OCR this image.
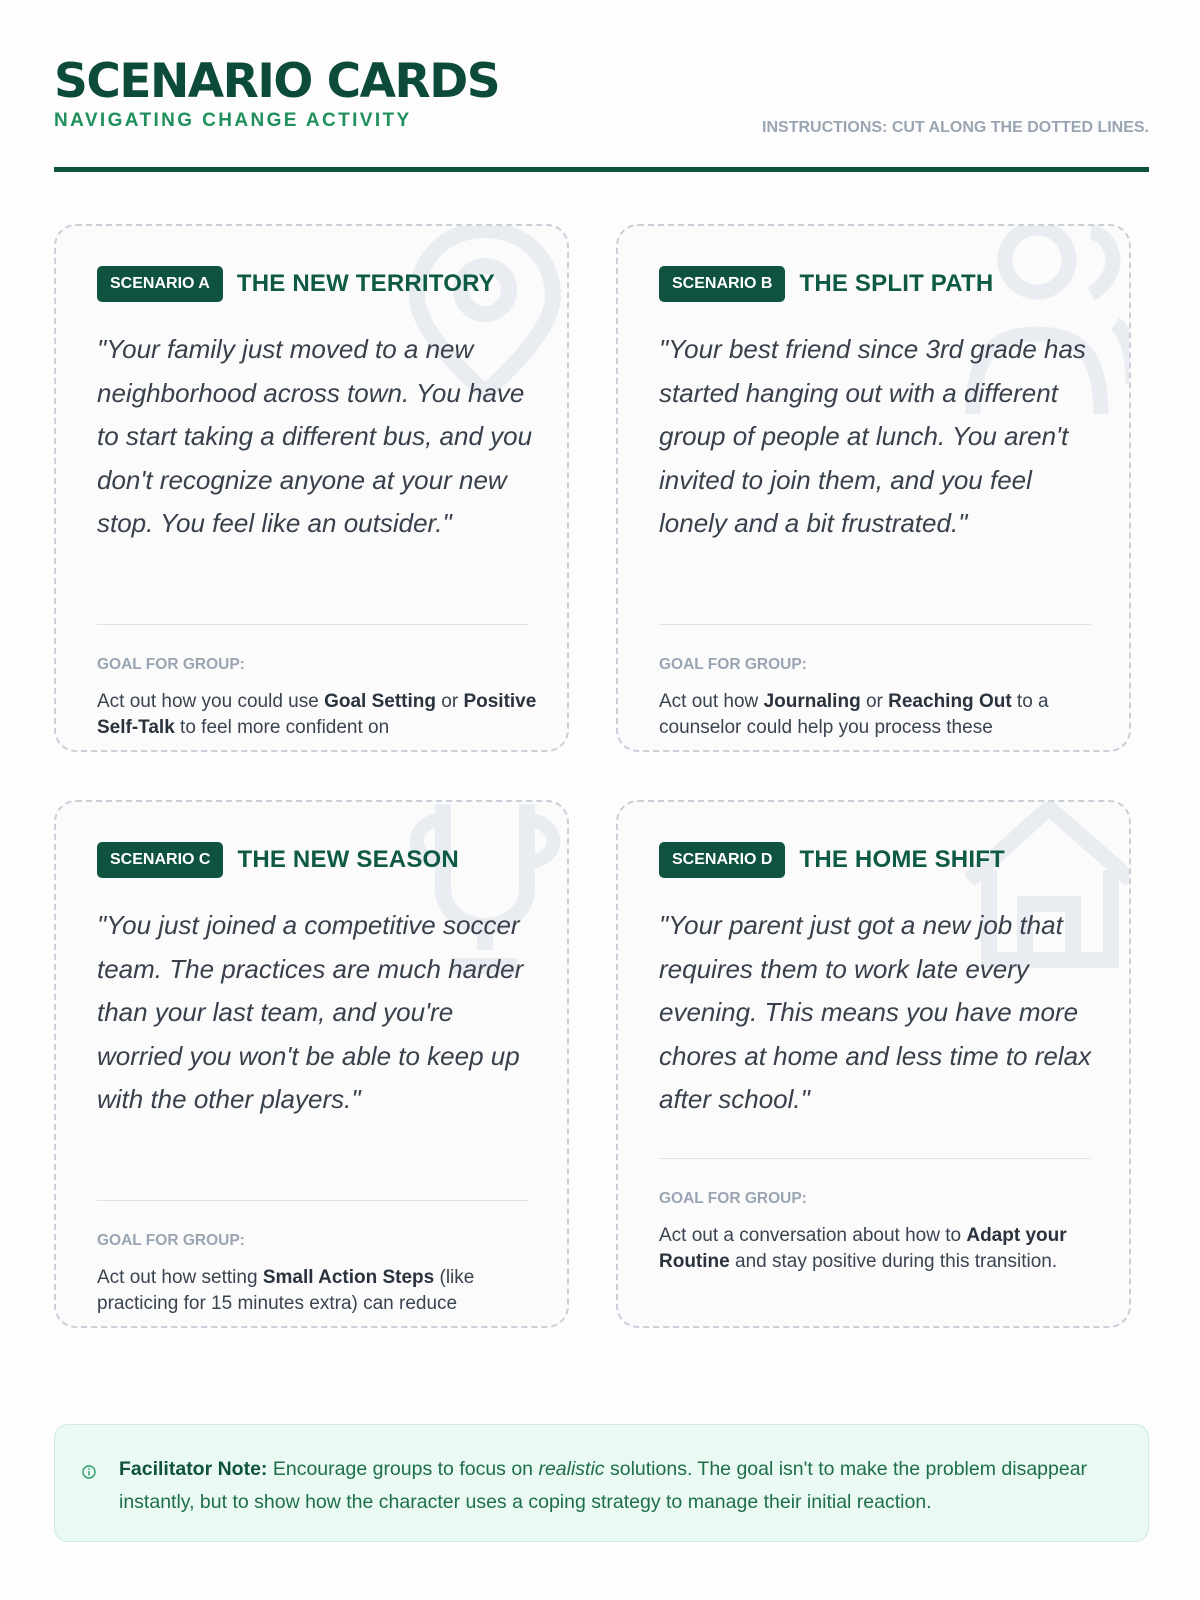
SCENARIO CARDS
NAVIGATING CHANGE ACTIVITY	INSTRUCTIONS: CUT ALONG THE DOTTED LINES.
SCENARIO A	THE NEW TERRITORY
"Your family just moved to a new neighborhood across town. You have to start taking a different bus, and you don't recognize anyone at your new stop. You feel like an outsider."
GOAL FOR GROUP:
Act out how you could use Goal Setting or Positive Self-Talk to feel more confident on
SCENARIO B	THE SPLIT PATH
"Your best friend since 3rd grade has started hanging out with a different group of people at lunch. You aren't invited to join them, and you feel lonely and a bit frustrated."
GOAL FOR GROUP:
Act out how Journaling or Reaching Out to a counselor could help you process these
SCENARIO C	THE NEW SEASON
"You just joined a competitive soccer team. The practices are much harder than your last team, and you're worried you won't be able to keep up with the other players."
GOAL FOR GROUP:
Act out how setting Small Action Steps (like practicing for 15 minutes extra) can reduce
SCENARIO D	THE HOME SHIFT
"Your parent just got a new job that requires them to work late every evening. This means you have more chores at home and less time to relax after school."
GOAL FOR GROUP:
Act out a conversation about how to Adapt your Routine and stay positive during this transition.
Facilitator Note: Encourage groups to focus on realistic solutions. The goal isn't to make the problem disappear instantly, but to show how the character uses a coping strategy to manage their initial reaction.
